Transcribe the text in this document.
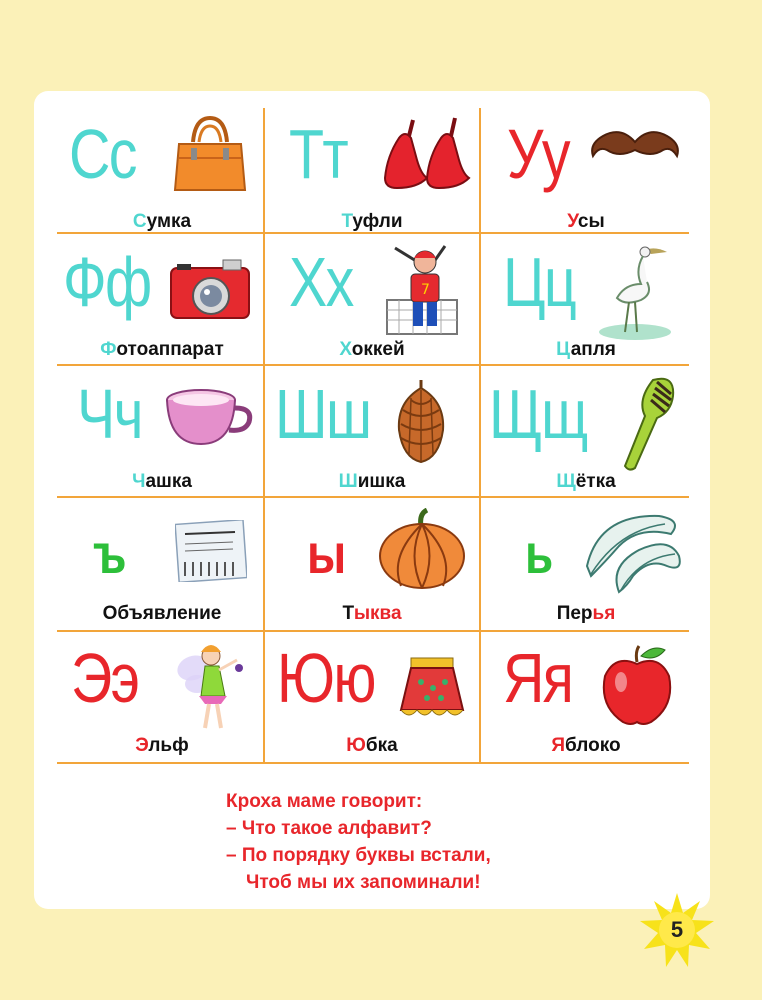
Сс
Сумка
Тт
Туфли
Уу
Усы
Фф
Фотоаппарат
Хх	7
Хоккей
Цц
Цапля
Чч
Чашка
Шш
Шишка
Щщ
Щётка
ъ
Объявление
ы
Тыква
ь
Перья
Ээ
Эльф
Юю
Юбка
Яя
Яблоко
Кроха маме говорит:
– Что такое алфавит?
– По порядку буквы встали,
Чтоб мы их запоминали!
5
